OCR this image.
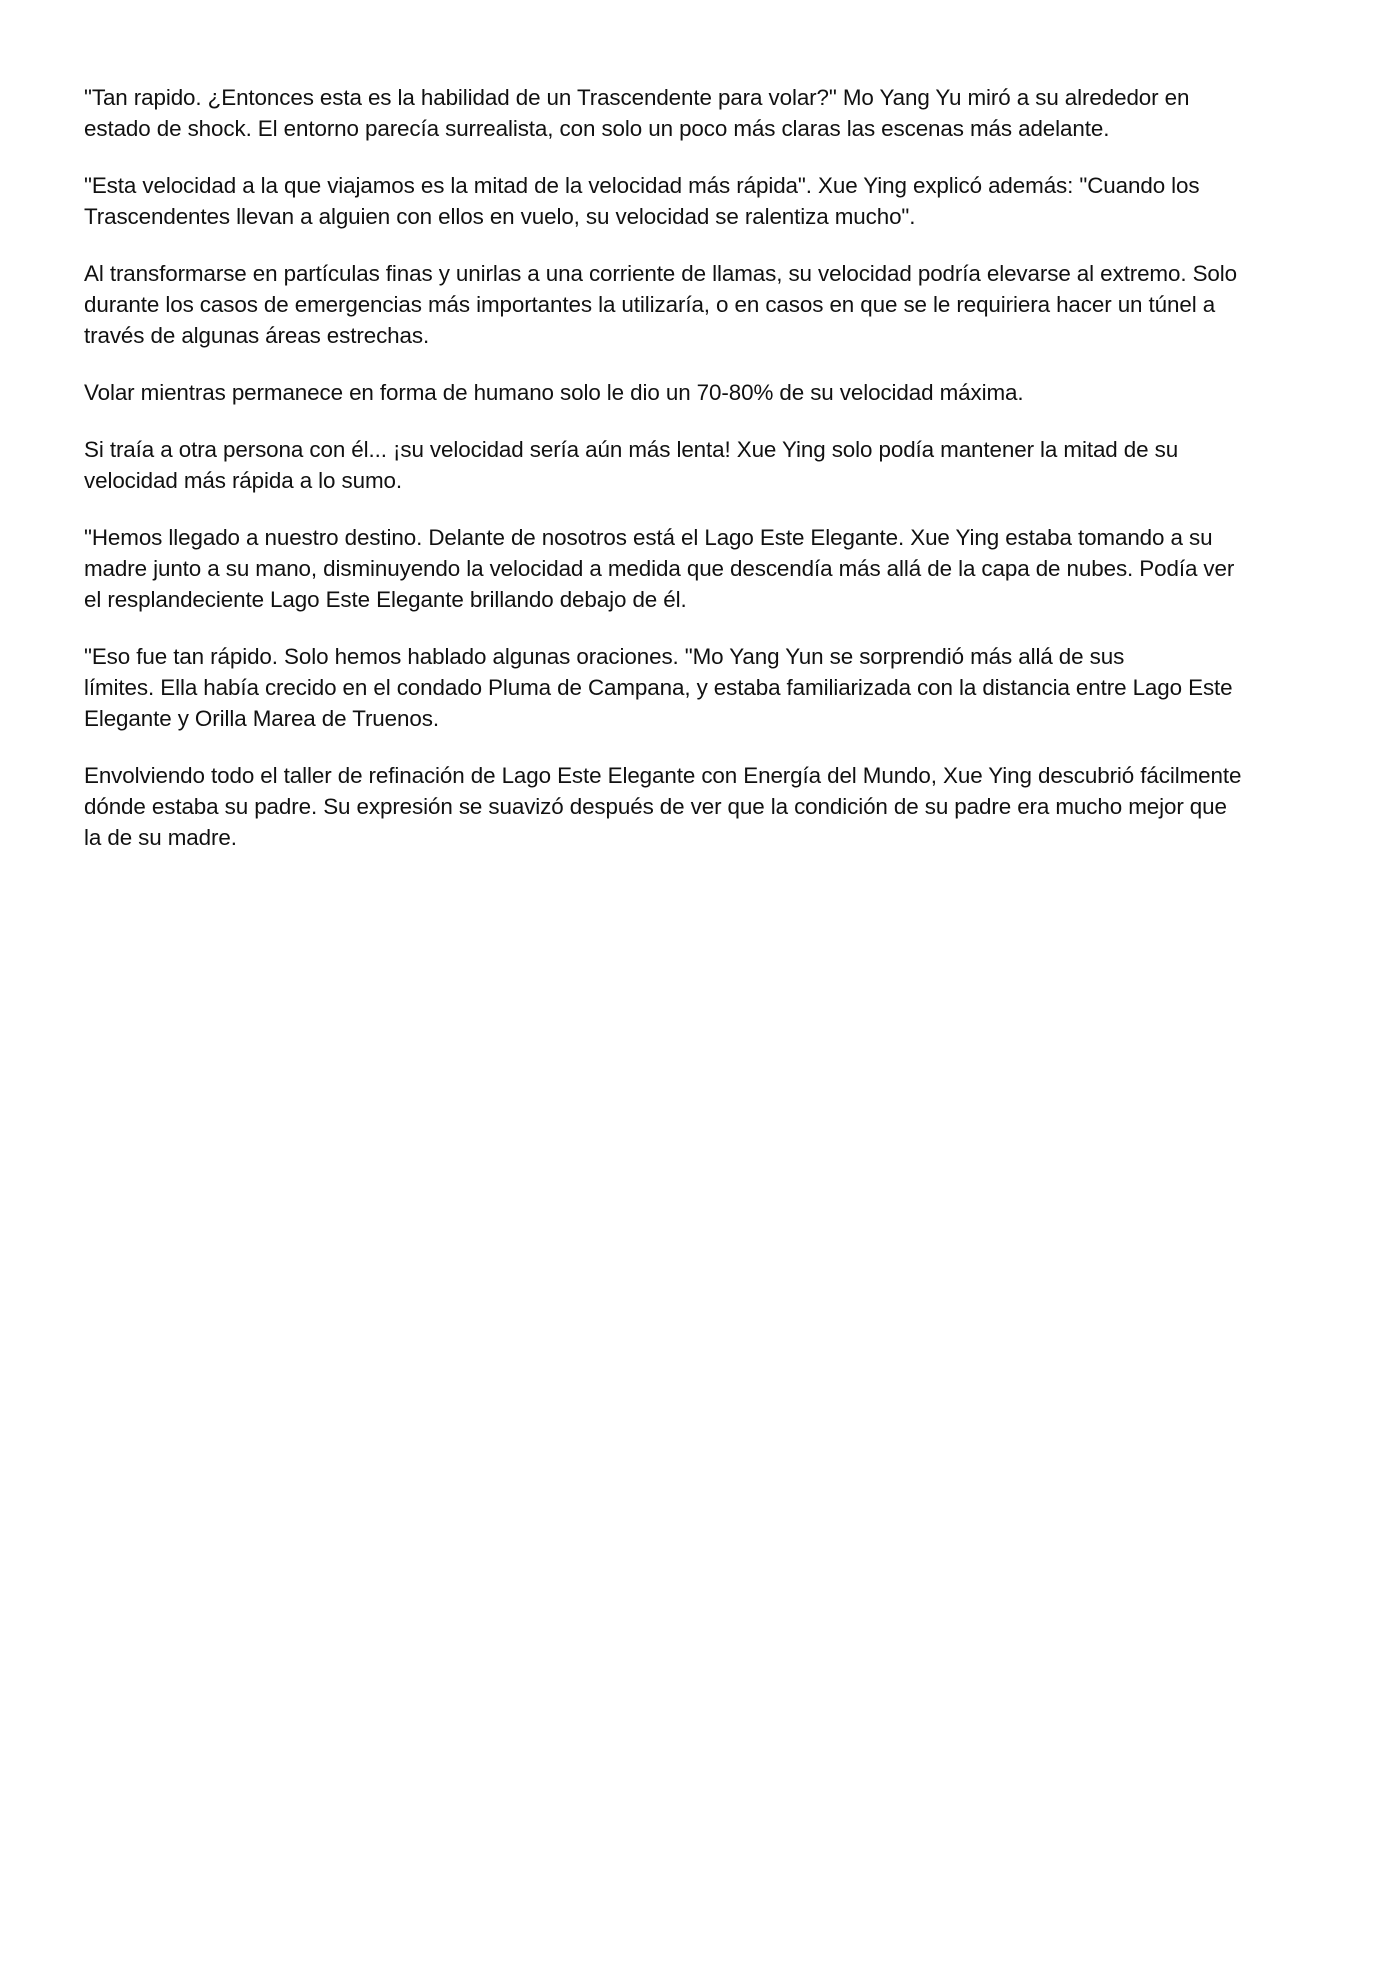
"Tan rapido. ¿Entonces esta es la habilidad de un Trascendente para volar?" Mo Yang Yu miró a su alrededor en
estado de shock. El entorno parecía surrealista, con solo un poco más claras las escenas más adelante.

"Esta velocidad a la que viajamos es la mitad de la velocidad más rápida". Xue Ying explicó además: "Cuando los
Trascendentes llevan a alguien con ellos en vuelo, su velocidad se ralentiza mucho".

Al transformarse en partículas finas y unirlas a una corriente de llamas, su velocidad podría elevarse al extremo. Solo
durante los casos de emergencias más importantes la utilizaría, o en casos en que se le requiriera hacer un túnel a
través de algunas áreas estrechas.

Volar mientras permanece en forma de humano solo le dio un 70-80% de su velocidad máxima.

Si traía a otra persona con él... ¡su velocidad sería aún más lenta! Xue Ying solo podía mantener la mitad de su
velocidad más rápida a lo sumo.

"Hemos llegado a nuestro destino. Delante de nosotros está el Lago Este Elegante. Xue Ying estaba tomando a su
madre junto a su mano, disminuyendo la velocidad a medida que descendía más allá de la capa de nubes. Podía ver
el resplandeciente Lago Este Elegante brillando debajo de él.

"Eso fue tan rápido. Solo hemos hablado algunas oraciones. "Mo Yang Yun se sorprendió más allá de sus
límites. Ella había crecido en el condado Pluma de Campana, y estaba familiarizada con la distancia entre Lago Este
Elegante y Orilla Marea de Truenos.

Envolviendo todo el taller de refinación de Lago Este Elegante con Energía del Mundo, Xue Ying descubrió fácilmente
dónde estaba su padre. Su expresión se suavizó después de ver que la condición de su padre era mucho mejor que
la de su madre.
